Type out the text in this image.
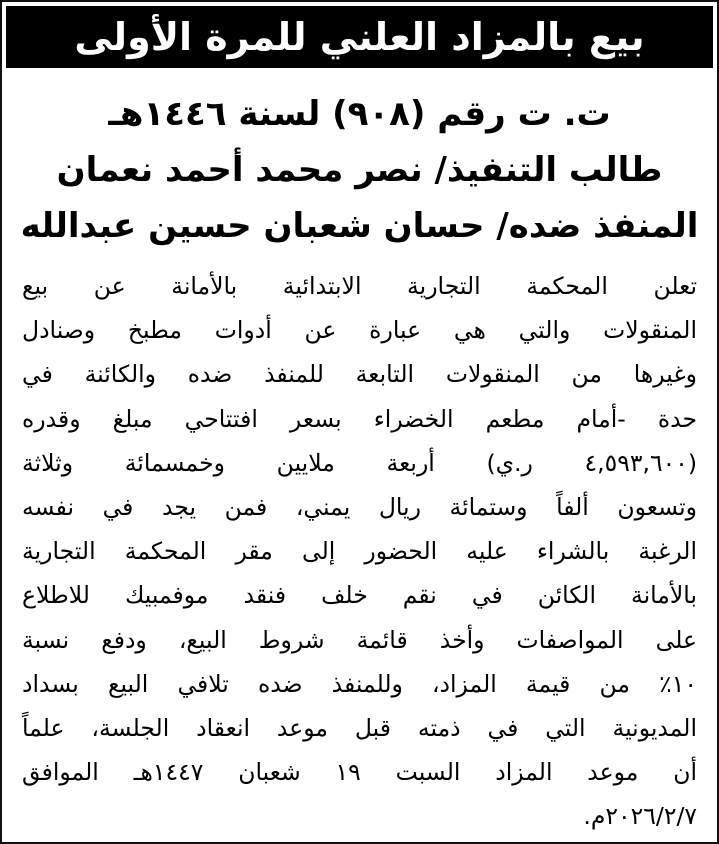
بيع بالمزاد العلني للمرة الأولى
ت. ت رقم (٩٠٨) لسنة ١٤٤٦هـ
طالب التنفيذ/ نصر محمد أحمد نعمان
المنفذ ضده/ حسان شعبان حسين عبدالله
تعلن المحكمة التجارية الابتدائية بالأمانة عن بيع
المنقولات والتي هي عبارة عن أدوات مطبخ وصنادل
وغيرها من المنقولات التابعة للمنفذ ضده والكائنة في
حدة -أمام مطعم الخضراء بسعر افتتاحي مبلغ وقدره
(٤,٥٩٣,٦٠٠ ر.ي) أربعة ملايين وخمسمائة وثلاثة
وتسعون ألفاً وستمائة ريال يمني، فمن يجد في نفسه
الرغبة بالشراء عليه الحضور إلى مقر المحكمة التجارية
بالأمانة الكائن في نقم خلف فنقد موفمبيك للاطلاع
على المواصفات وأخذ قائمة شروط البيع، ودفع نسبة
١٠٪ من قيمة المزاد، وللمنفذ ضده تلافي البيع بسداد
المديونية التي في ذمته قبل موعد انعقاد الجلسة، علماً
أن موعد المزاد السبت ١٩ شعبان ١٤٤٧هـ الموافق
٢٠٢٦/٢/٧م.
